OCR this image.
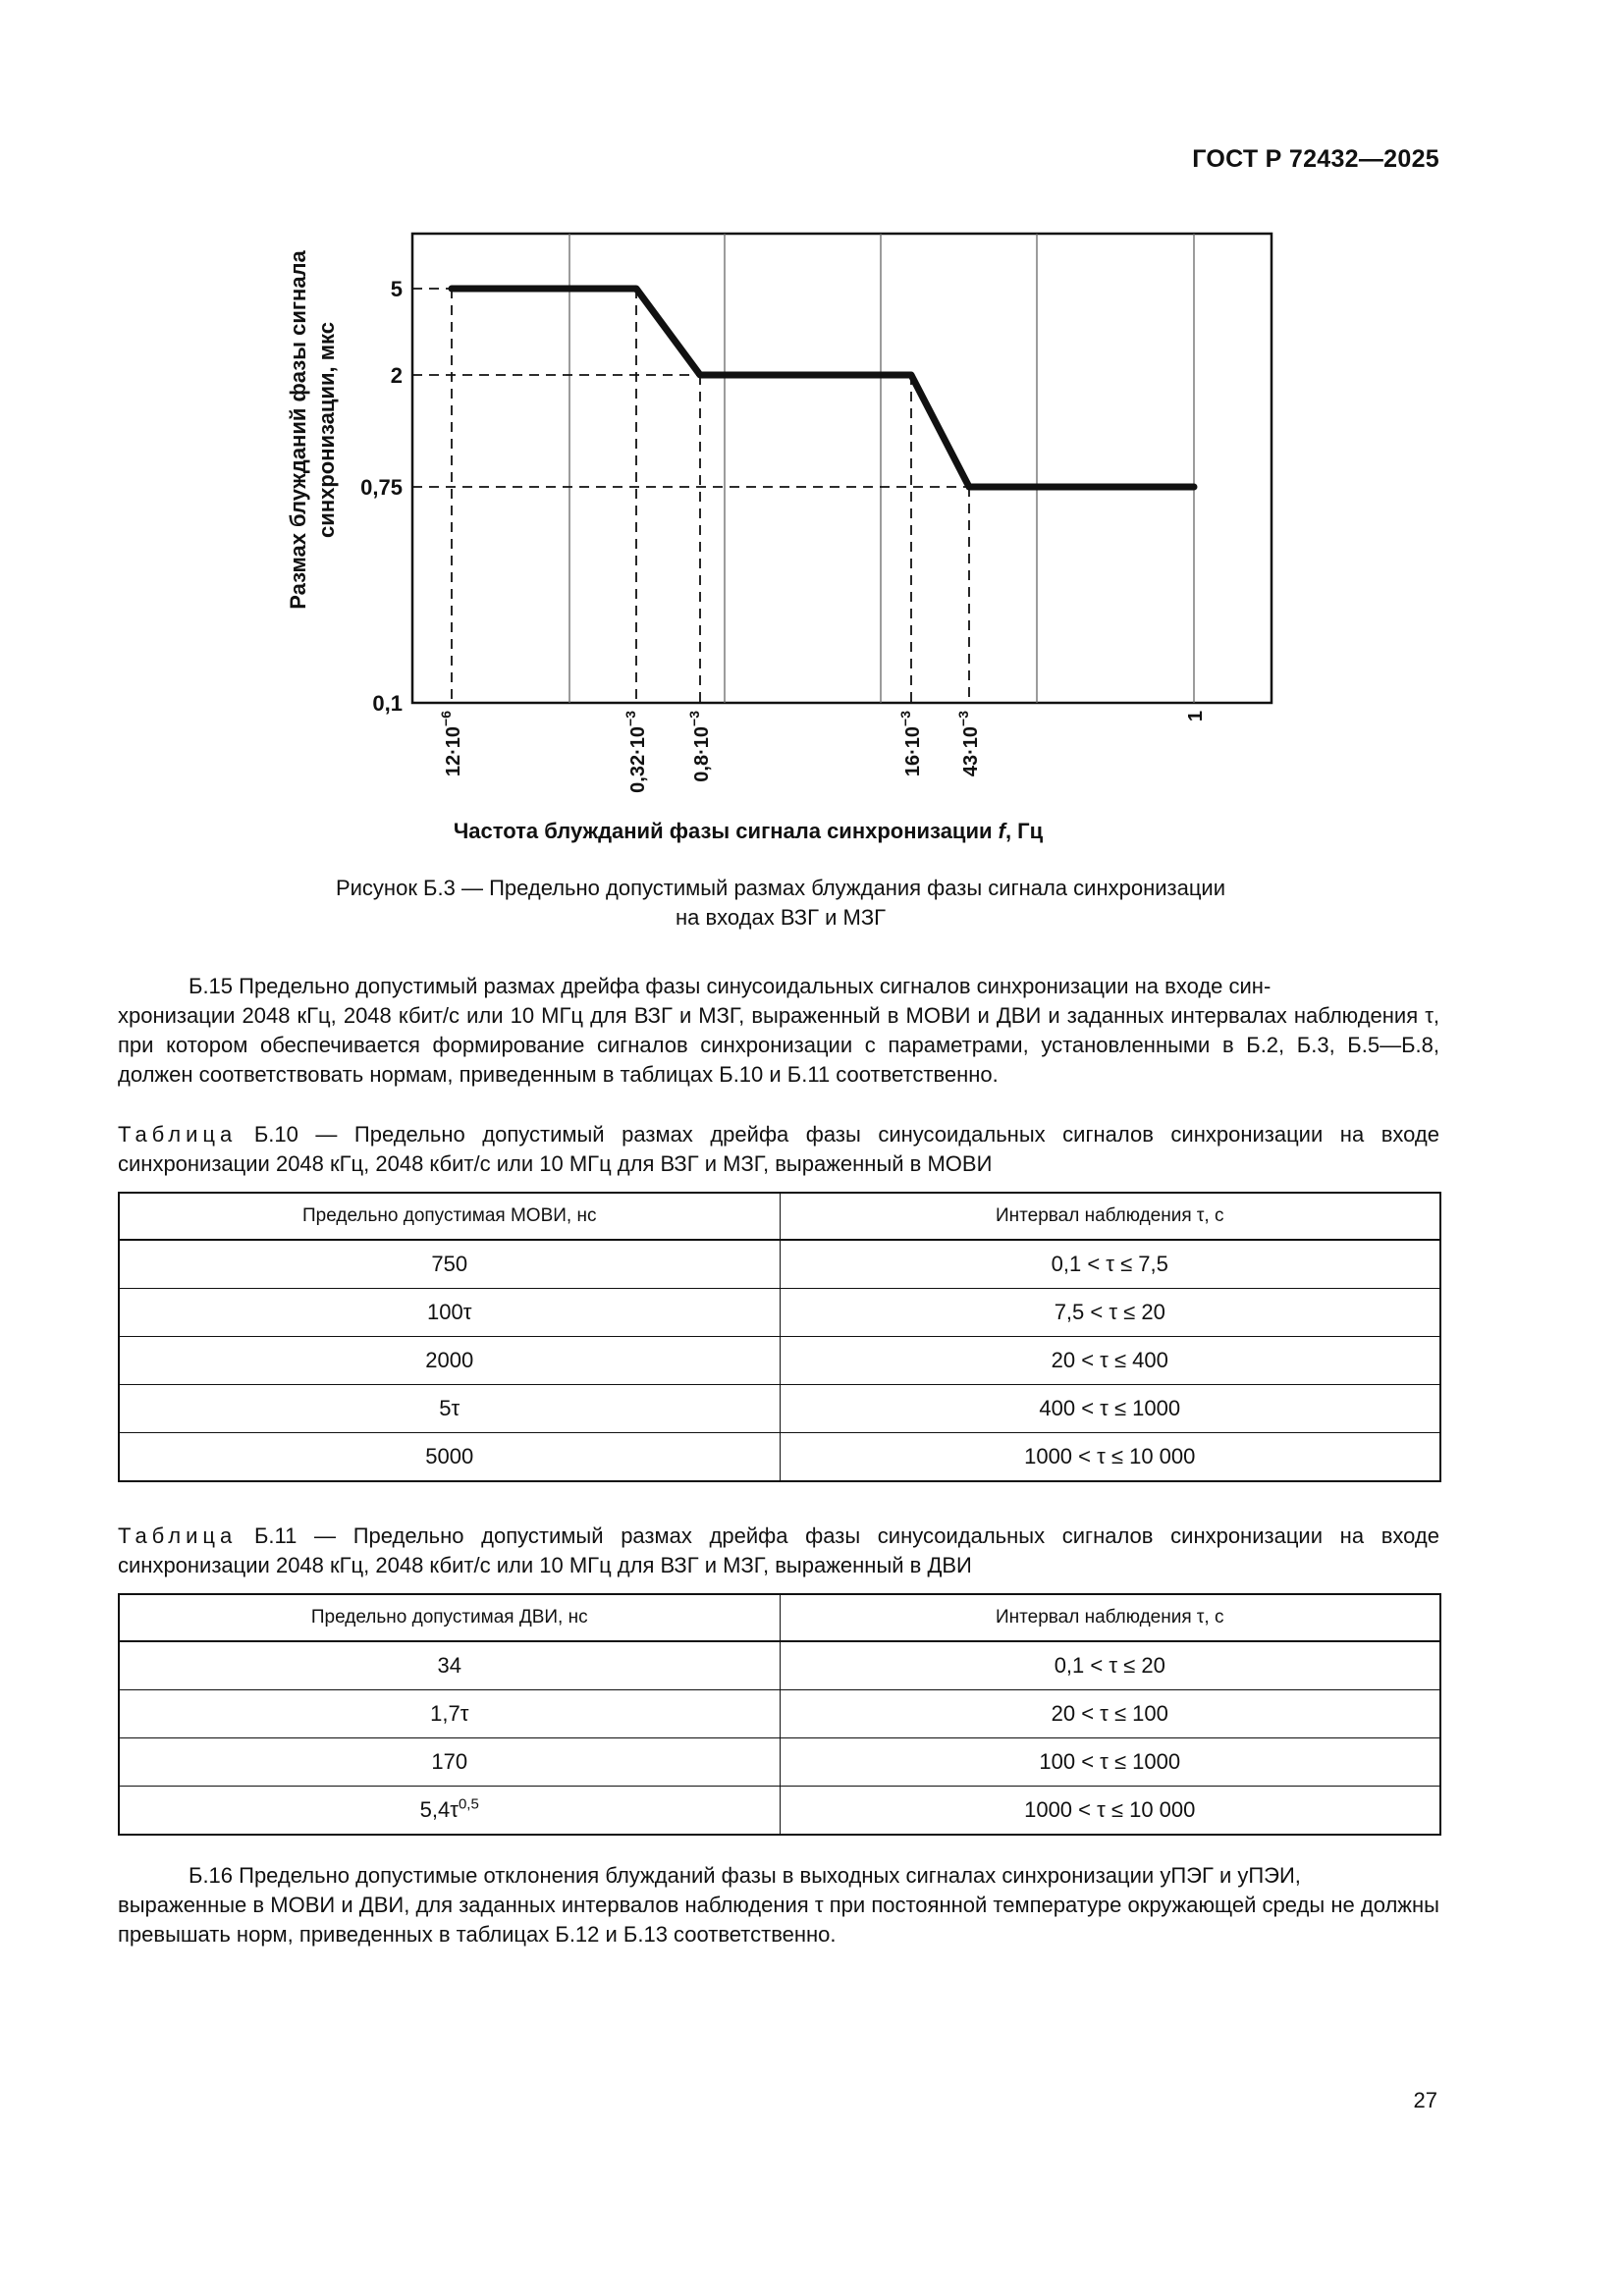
ГОСТ Р 72432—2025
5
2
0,75
0,1
Размах блужданий фазы сигнала синхронизации, мкс
$12\cdot 10^{-6}$
$0,32\cdot 10^{-3}$
$0,8\cdot 10^{-3}$
$16\cdot 10^{-3}$
$43\cdot 10^{-3}$	1
Частота блужданий фазы сигнала синхронизации f, Гц
Рисунок Б.3 — Предельно допустимый размах блуждания фазы сигнала синхронизации
на входах ВЗГ и МЗГ
Б.15 Предельно допустимый размах дрейфа фазы синусоидальных сигналов синхронизации на входе син-
хронизации 2048 кГц, 2048 кбит/с или 10 МГц для ВЗГ и МЗГ, выраженный в МОВИ и ДВИ и заданных интервалах наблюдения τ, при котором обеспечивается формирование сигналов синхронизации с параметрами, установленными в Б.2, Б.3, Б.5—Б.8, должен соответствовать нормам, приведенным в таблицах Б.10 и Б.11 соответственно.
Таблица Б.10 — Предельно допустимый размах дрейфа фазы синусоидальных сигналов синхронизации на входе синхронизации 2048 кГц, 2048 кбит/с или 10 МГц для ВЗГ и МЗГ, выраженный в МОВИ
Предельно допустимая МОВИ, нс	Интервал наблюдения τ, с
750	0,1 < τ ≤ 7,5
100τ	7,5 < τ ≤ 20
2000	20 < τ ≤ 400
5τ	400 < τ ≤ 1000
5000	1000 < τ ≤ 10 000
Таблица Б.11 — Предельно допустимый размах дрейфа фазы синусоидальных сигналов синхронизации на входе синхронизации 2048 кГц, 2048 кбит/с или 10 МГц для ВЗГ и МЗГ, выраженный в ДВИ
Предельно допустимая ДВИ, нс	Интервал наблюдения τ, с
34	0,1 < τ ≤ 20
1,7τ	20 < τ ≤ 100
170	100 < τ ≤ 1000
$5,4\tau^{0,5}$	1000 < τ ≤ 10 000
Б.16 Предельно допустимые отклонения блужданий фазы в выходных сигналах синхронизации уПЭГ и уПЭИ,
выраженные в МОВИ и ДВИ, для заданных интервалов наблюдения τ при постоянной температуре окружающей среды не должны превышать норм, приведенных в таблицах Б.12 и Б.13 соответственно.
27
